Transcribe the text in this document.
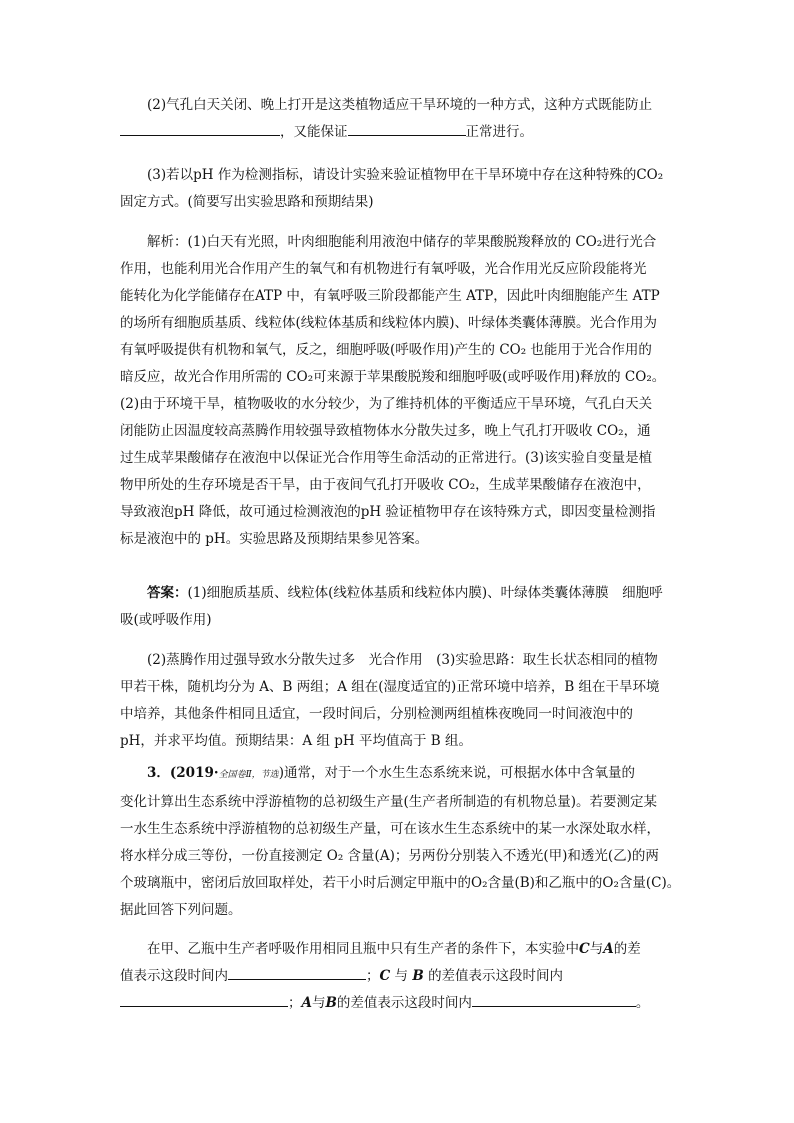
(2)气孔白天关闭、晚上打开是这类植物适应干旱环境的一种方式，这种方式既能防止
，又能保证	正常进行。
(3)若以pH 作为检测指标，请设计实验来验证植物甲在干旱环境中存在这种特殊的CO₂
固定方式。(简要写出实验思路和预期结果)
解析：(1)白天有光照，叶肉细胞能利用液泡中储存的苹果酸脱羧释放的 CO₂进行光合
作用，也能利用光合作用产生的氧气和有机物进行有氧呼吸，光合作用光反应阶段能将光
能转化为化学能储存在ATP 中，有氧呼吸三阶段都能产生 ATP，因此叶肉细胞能产生 ATP
的场所有细胞质基质、线粒体(线粒体基质和线粒体内膜)、叶绿体类囊体薄膜。光合作用为
有氧呼吸提供有机物和氧气，反之，细胞呼吸(呼吸作用)产生的 CO₂ 也能用于光合作用的
暗反应，故光合作用所需的 CO₂可来源于苹果酸脱羧和细胞呼吸(或呼吸作用)释放的 CO₂。
(2)由于环境干旱，植物吸收的水分较少，为了维持机体的平衡适应干旱环境，气孔白天关
闭能防止因温度较高蒸腾作用较强导致植物体水分散失过多，晚上气孔打开吸收 CO₂，通
过生成苹果酸储存在液泡中以保证光合作用等生命活动的正常进行。(3)该实验自变量是植
物甲所处的生存环境是否干旱，由于夜间气孔打开吸收 CO₂，生成苹果酸储存在液泡中，
导致液泡pH 降低，故可通过检测液泡的pH 验证植物甲存在该特殊方式，即因变量检测指
标是液泡中的 pH。实验思路及预期结果参见答案。
答案：(1)细胞质基质、线粒体(线粒体基质和线粒体内膜)、叶绿体类囊体薄膜　细胞呼
吸(或呼吸作用)
(2)蒸腾作用过强导致水分散失过多　光合作用　(3)实验思路：取生长状态相同的植物
甲若干株，随机均分为 A、B 两组；A 组在(湿度适宜的)正常环境中培养，B 组在干旱环境
中培养，其他条件相同且适宜，一段时间后，分别检测两组植株夜晚同一时间液泡中的
pH，并求平均值。预期结果：A 组 pH 平均值高于 B 组。
3．(2019·全国卷Ⅱ，节选)通常，对于一个水生生态系统来说，可根据水体中含氧量的
变化计算出生态系统中浮游植物的总初级生产量(生产者所制造的有机物总量)。若要测定某
一水生生态系统中浮游植物的总初级生产量，可在该水生生态系统中的某一水深处取水样，
将水样分成三等份，一份直接测定 O₂ 含量(A)；另两份分别装入不透光(甲)和透光(乙)的两
个玻璃瓶中，密闭后放回取样处，若干小时后测定甲瓶中的O₂含量(B)和乙瓶中的O₂含量(C)。
据此回答下列问题。
在甲、乙瓶中生产者呼吸作用相同且瓶中只有生产者的条件下，本实验中C与A的差
值表示这段时间内	；C 与 B 的差值表示这段时间内
；A与B的差值表示这段时间内	。
